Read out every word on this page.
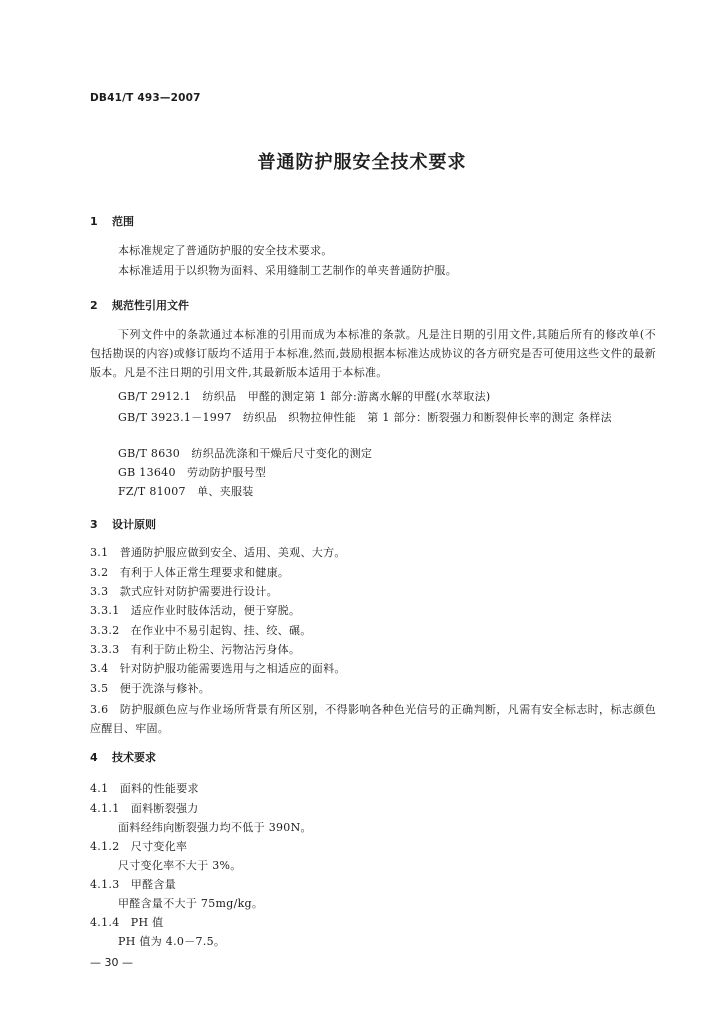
DB41/T 493—2007
普通防护服安全技术要求
1 范围
本标准规定了普通防护服的安全技术要求。
本标准适用于以织物为面料、采用缝制工艺制作的单夹普通防护服。
2 规范性引用文件
下列文件中的条款通过本标准的引用而成为本标准的条款。凡是注日期的引用文件,其随后所有的修改单(不包括勘误的内容)或修订版均不适用于本标准,然而,鼓励根据本标准达成协议的各方研究是否可使用这些文件的最新版本。凡是不注日期的引用文件,其最新版本适用于本标准。
GB/T 2912.1　纺织品　甲醛的测定第 1 部分:游离水解的甲醛(水萃取法)
GB/T 3923.1－1997　纺织品　织物拉伸性能　第 1 部分：断裂强力和断裂伸长率的测定 条样法
GB/T 8630　纺织品洗涤和干燥后尺寸变化的测定
GB 13640　劳动防护服号型
FZ/T 81007　单、夹服装
3 设计原则
3.1　普通防护服应做到安全、适用、美观、大方。
3.2　有利于人体正常生理要求和健康。
3.3　款式应针对防护需要进行设计。
3.3.1　适应作业时肢体活动，便于穿脱。
3.3.2　在作业中不易引起钩、挂、绞、碾。
3.3.3　有利于防止粉尘、污物沾污身体。
3.4　针对防护服功能需要选用与之相适应的面料。
3.5　便于洗涤与修补。
3.6　防护服颜色应与作业场所背景有所区别，不得影响各种色光信号的正确判断，凡需有安全标志时，标志颜色应醒目、牢固。
4 技术要求
4.1　面料的性能要求
4.1.1　面料断裂强力
面料经纬向断裂强力均不低于 390N。
4.1.2　尺寸变化率
尺寸变化率不大于 3%。
4.1.3　甲醛含量
甲醛含量不大于 75mg/kg。
4.1.4　PH 值
PH 值为 4.0－7.5。
— 30 —
